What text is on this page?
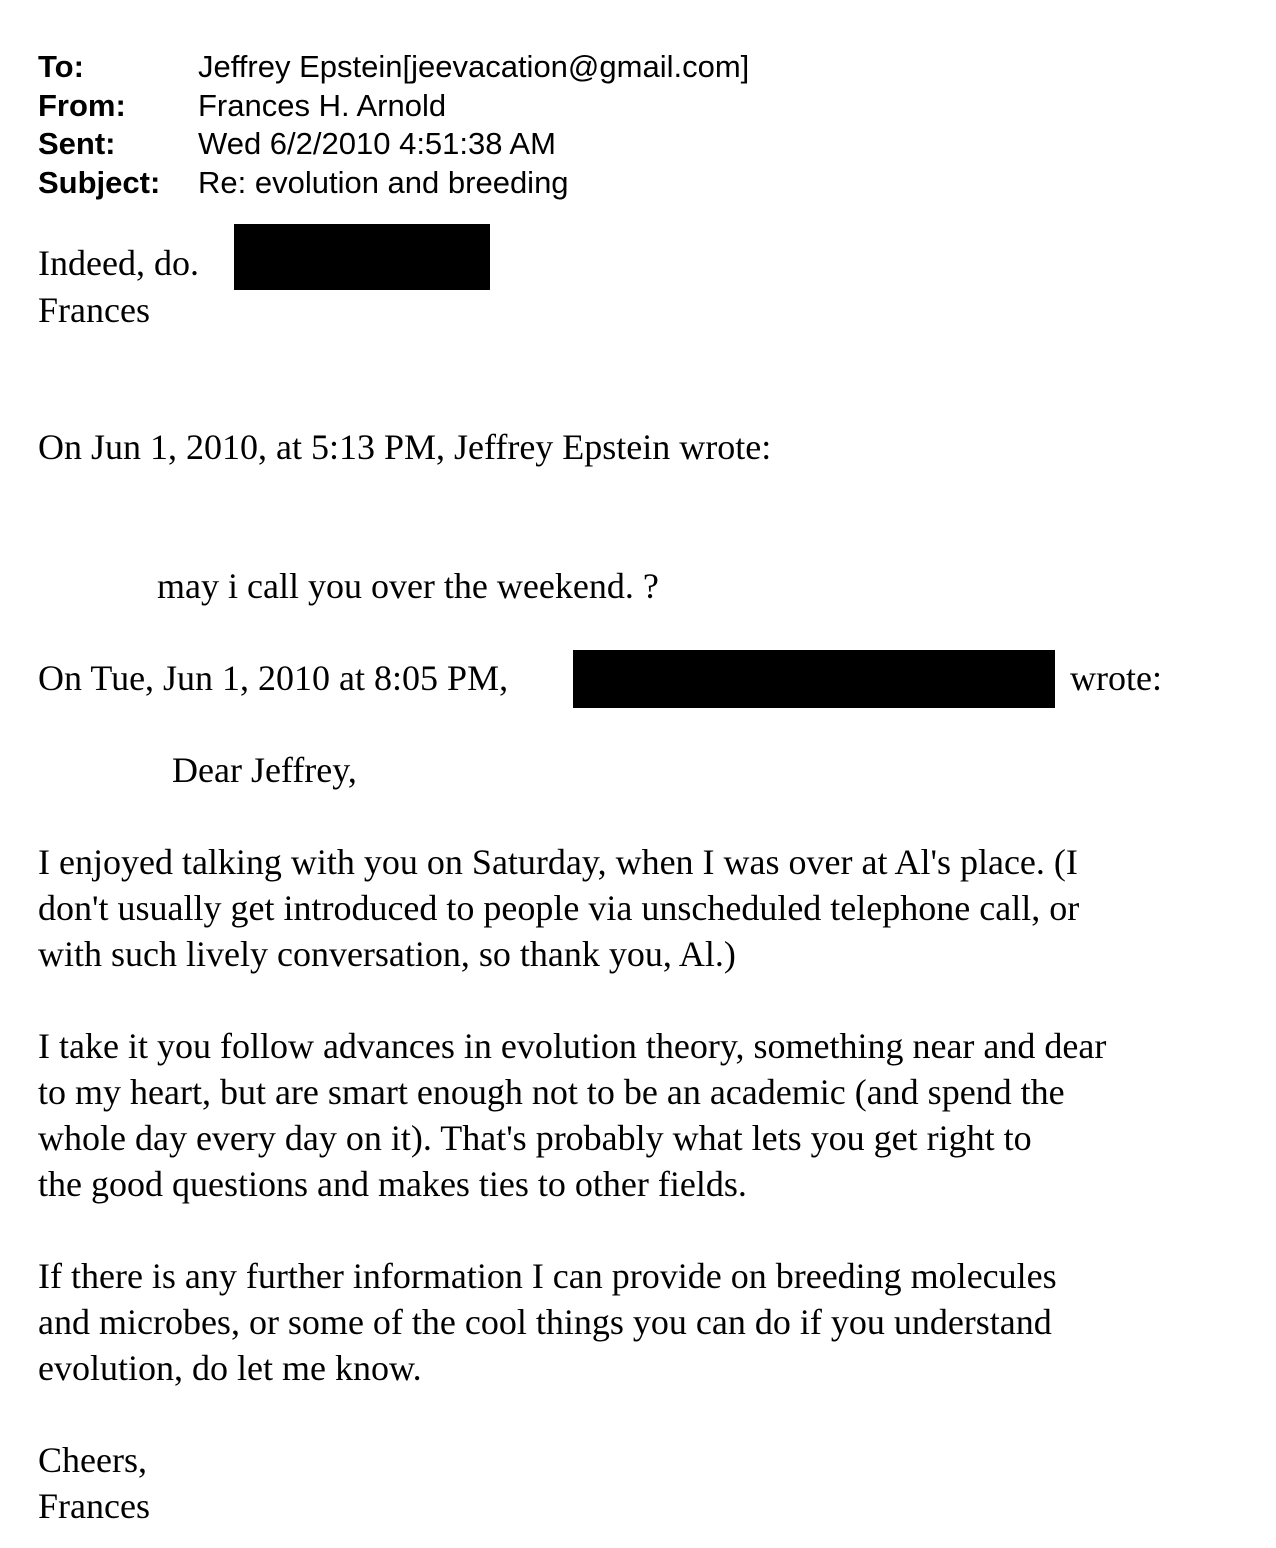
To:	Jeffrey Epstein[jeevacation@gmail.com]
From:	Frances H. Arnold
Sent:	Wed 6/2/2010 4:51:38 AM
Subject:	Re: evolution and breeding
Indeed, do.
Frances
On Jun 1, 2010, at 5:13 PM, Jeffrey Epstein wrote:
may i call you over the weekend. ?
On Tue, Jun 1, 2010 at 8:05 PM,	wrote:
Dear Jeffrey,
I enjoyed talking with you on Saturday, when I was over at Al's place. (I
don't usually get introduced to people via unscheduled telephone call, or
with such lively conversation, so thank you, Al.)
I take it you follow advances in evolution theory, something near and dear
to my heart, but are smart enough not to be an academic (and spend the
whole day every day on it). That's probably what lets you get right to
the good questions and makes ties to other fields.
If there is any further information I can provide on breeding molecules
and microbes, or some of the cool things you can do if you understand
evolution, do let me know.
Cheers,
Frances
